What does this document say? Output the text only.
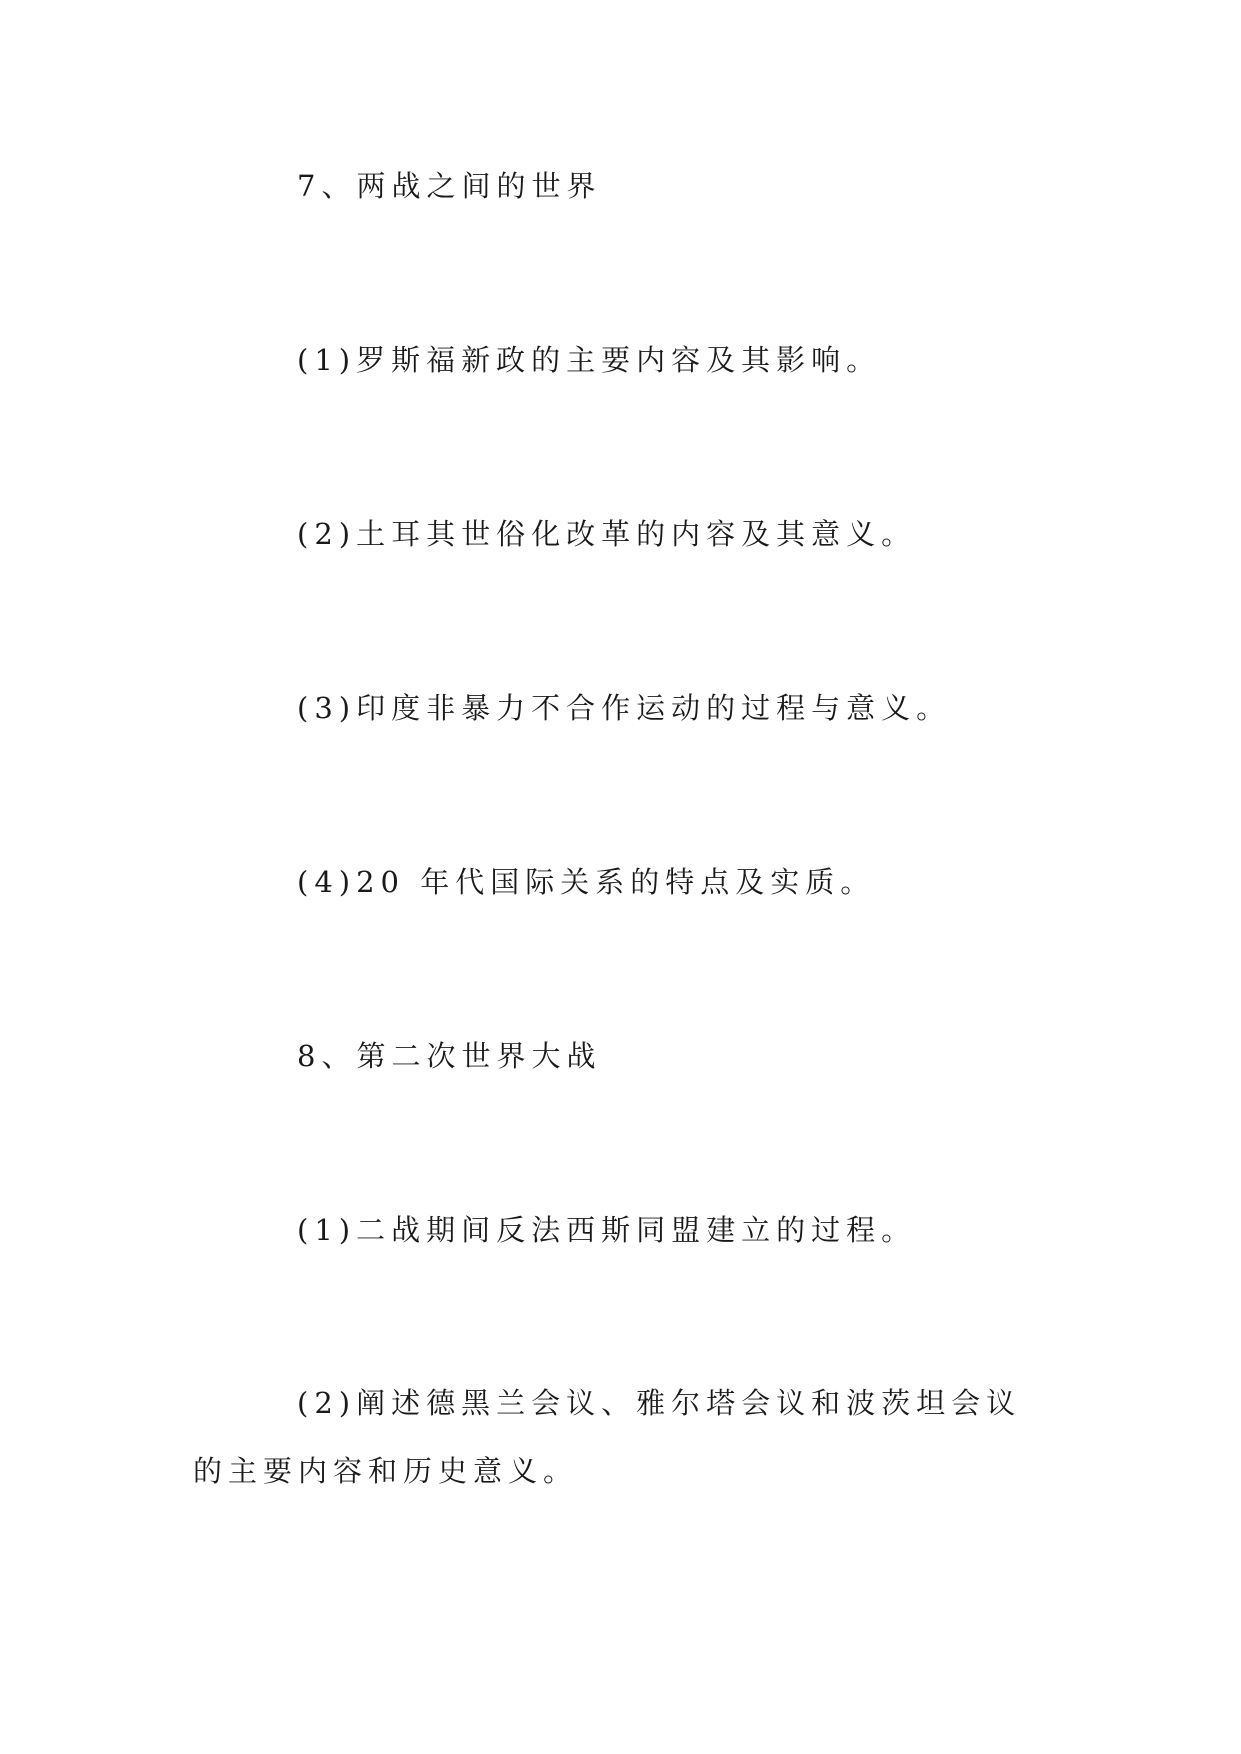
7、两战之间的世界
(1)罗斯福新政的主要内容及其影响。
(2)土耳其世俗化改革的内容及其意义。
(3)印度非暴力不合作运动的过程与意义。
(4)20 年代国际关系的特点及实质。
8、第二次世界大战
(1)二战期间反法西斯同盟建立的过程。
(2)阐述德黑兰会议、雅尔塔会议和波茨坦会议的主要内容和历史意义。
